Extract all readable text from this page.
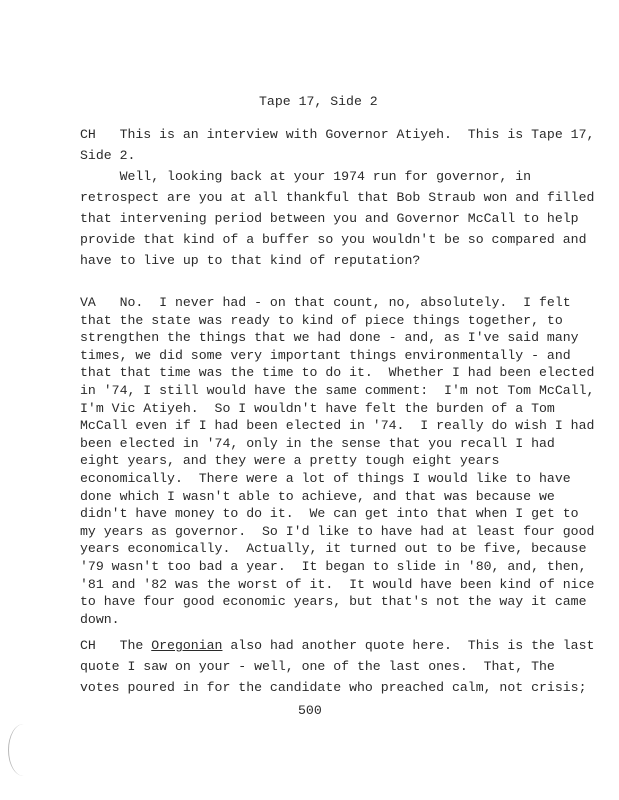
Tape 17, Side 2
CH   This is an interview with Governor Atiyeh.  This is Tape 17,
Side 2.
Well, looking back at your 1974 run for governor, in
retrospect are you at all thankful that Bob Straub won and filled
that intervening period between you and Governor McCall to help
provide that kind of a buffer so you wouldn't be so compared and
have to live up to that kind of reputation?
VA   No.  I never had - on that count, no, absolutely.  I felt
that the state was ready to kind of piece things together, to
strengthen the things that we had done - and, as I've said many
times, we did some very important things environmentally - and
that that time was the time to do it.  Whether I had been elected
in '74, I still would have the same comment:  I'm not Tom McCall,
I'm Vic Atiyeh.  So I wouldn't have felt the burden of a Tom
McCall even if I had been elected in '74.  I really do wish I had
been elected in '74, only in the sense that you recall I had
eight years, and they were a pretty tough eight years
economically.  There were a lot of things I would like to have
done which I wasn't able to achieve, and that was because we
didn't have money to do it.  We can get into that when I get to
my years as governor.  So I'd like to have had at least four good
years economically.  Actually, it turned out to be five, because
'79 wasn't too bad a year.  It began to slide in '80, and, then,
'81 and '82 was the worst of it.  It would have been kind of nice
to have four good economic years, but that's not the way it came
down.
CH   The Oregonian also had another quote here.  This is the last
quote I saw on your - well, one of the last ones.  That, The
votes poured in for the candidate who preached calm, not crisis;
500
